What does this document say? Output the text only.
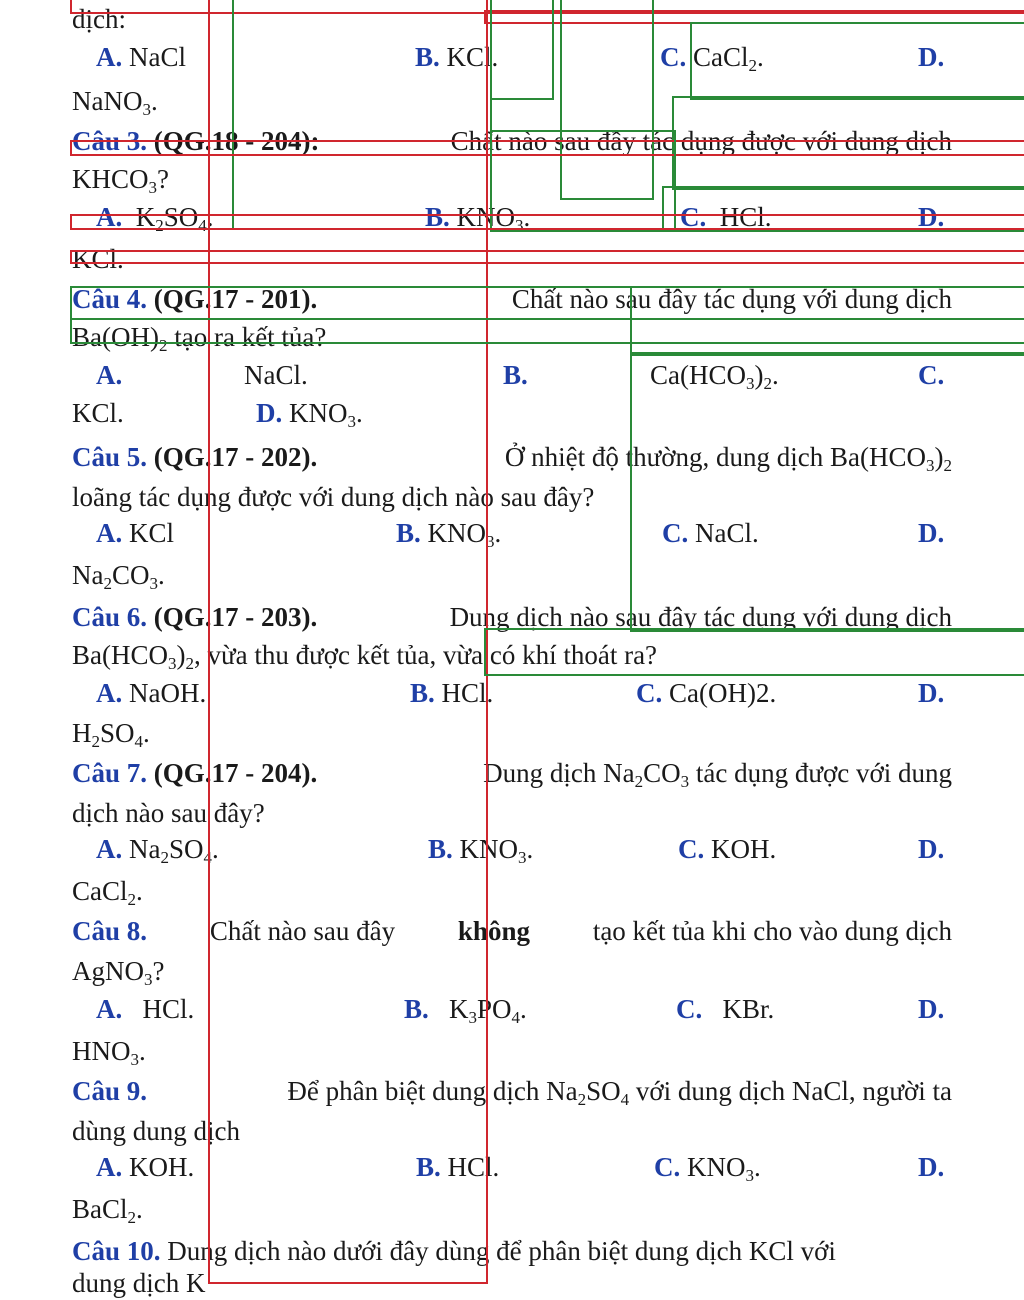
dịch:
A. NaCl	B. KCl.	C. CaCl$_2$.	D.
NaNO$_3$.
Câu 3. (QG.18 - 204):	Chất nào sau đầy tác dụng được với dung dịch
$KHCO_3$?
A. $K_2SO_4$.	B. $KNO_3$.	C. HCl.	D.
KCl.
Câu 4. (QG.17 - 201).	Chất nào sau đây tác dụng với dung dịch
$Ba(OH)_2$ tạo ra kết tủa?
A.	NaCl.	B.	$Ca(HCO_3)_2$.	C.
KCl.	D. $KNO_3$.
Câu 5. (QG.17 - 202).	Ở nhiệt độ thường, dung dịch $Ba(HCO_3)_2$
loãng tác dụng được với dung dịch nào sau đây?
A. KCl	B. $KNO_3$.	C. NaCl.	D.
$Na_2CO_3$.
Câu 6. (QG.17 - 203).	Dung dịch nào sau đây tác dụng với dung dịch
$Ba(HCO_3)_2$, vừa thu được kết tủa, vừa có khí thoát ra?
A. NaOH.	B. HCl.	C. Ca(OH)2.	D.
$H_2SO_4$.
Câu 7. (QG.17 - 204).	Dung dịch $Na_2CO_3$ tác dụng được với dung
dịch nào sau đây?
A. $Na_2SO_4$.	B. $KNO_3$.	C. KOH.	D.
CaCl$_2$.
Câu 8. Chất nào sau đây không tạo kết tủa khi cho vào dung dịch
AgNO$_3$?
A. HCl.	B. $K_3PO_4$.	C. KBr.	D.
$HNO_3$.
Câu 9.	Để phân biệt dung dịch $Na_2SO_4$ với dung dịch NaCl, người ta
dùng dung dịch
A. KOH.	B. HCl.	C. $KNO_3$.	D.
BaCl$_2$.
Câu 10. Dung dịch nào dưới đây dùng để phân biệt dung dịch KCl với
dung dịch K
